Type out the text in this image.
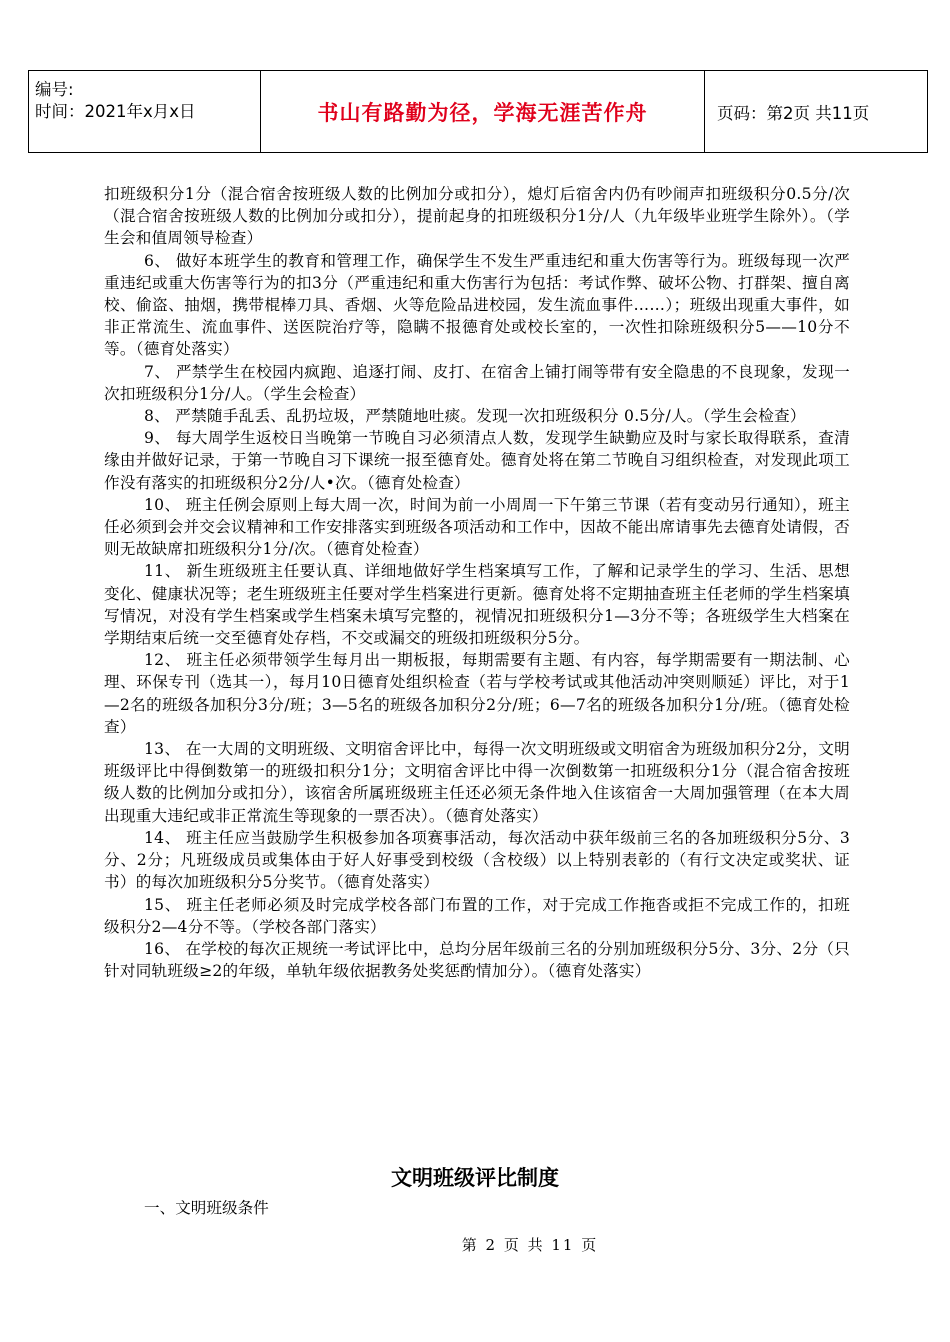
编号:
时间：2021年x月x日	书山有路勤为径，学海无涯苦作舟	页码：第2页 共11页

扣班级积分1分（混合宿舍按班级人数的比例加分或扣分），熄灯后宿舍内仍有吵闹声扣班级积分0.5分/次（混合宿舍按班级人数的比例加分或扣分），提前起身的扣班级积分1分/人（九年级毕业班学生除外）。（学生会和值周领导检查）

6、 做好本班学生的教育和管理工作，确保学生不发生严重违纪和重大伤害等行为。班级每现一次严重违纪或重大伤害等行为的扣3分（严重违纪和重大伤害行为包括：考试作弊、破坏公物、打群架、擅自离校、偷盗、抽烟，携带棍棒刀具、香烟、火等危险品进校园，发生流血事件……）；班级出现重大事件，如非正常流生、流血事件、送医院治疗等，隐瞒不报德育处或校长室的，一次性扣除班级积分5——10分不等。（德育处落实）

7、 严禁学生在校园内疯跑、追逐打闹、皮打、在宿舍上铺打闹等带有安全隐患的不良现象，发现一次扣班级积分1分/人。（学生会检查）

8、 严禁随手乱丢、乱扔垃圾，严禁随地吐痰。发现一次扣班级积分 0.5分/人。（学生会检查）

9、 每大周学生返校日当晚第一节晚自习必须清点人数，发现学生缺勤应及时与家长取得联系，查清缘由并做好记录，于第一节晚自习下课统一报至德育处。德育处将在第二节晚自习组织检查，对发现此项工作没有落实的扣班级积分2分/人•次。（德育处检查）

10、 班主任例会原则上每大周一次，时间为前一小周周一下午第三节课（若有变动另行通知），班主任必须到会并交会议精神和工作安排落实到班级各项活动和工作中，因故不能出席请事先去德育处请假，否则无故缺席扣班级积分1分/次。（德育处检查）

11、 新生班级班主任要认真、详细地做好学生档案填写工作，了解和记录学生的学习、生活、思想变化、健康状况等；老生班级班主任要对学生档案进行更新。德育处将不定期抽查班主任老师的学生档案填写情况，对没有学生档案或学生档案未填写完整的，视情况扣班级积分1—3分不等；各班级学生大档案在学期结束后统一交至德育处存档，不交或漏交的班级扣班级积分5分。

12、 班主任必须带领学生每月出一期板报，每期需要有主题、有内容，每学期需要有一期法制、心理、环保专刊（选其一），每月10日德育处组织检查（若与学校考试或其他活动冲突则顺延）评比，对于1—2名的班级各加积分3分/班；3—5名的班级各加积分2分/班；6—7名的班级各加积分1分/班。（德育处检查）

13、 在一大周的文明班级、文明宿舍评比中，每得一次文明班级或文明宿舍为班级加积分2分，文明班级评比中得倒数第一的班级扣积分1分；文明宿舍评比中得一次倒数第一扣班级积分1分（混合宿舍按班级人数的比例加分或扣分），该宿舍所属班级班主任还必须无条件地入住该宿舍一大周加强管理（在本大周出现重大违纪或非正常流生等现象的一票否决）。（德育处落实）

14、 班主任应当鼓励学生积极参加各项赛事活动，每次活动中获年级前三名的各加班级积分5分、3分、2分；凡班级成员或集体由于好人好事受到校级（含校级）以上特别表彰的（有行文决定或奖状、证书）的每次加班级积分5分奖节。（德育处落实）

15、 班主任老师必须及时完成学校各部门布置的工作，对于完成工作拖沓或拒不完成工作的，扣班级积分2—4分不等。（学校各部门落实）

16、 在学校的每次正规统一考试评比中，总均分居年级前三名的分别加班级积分5分、3分、2分（只针对同轨班级≥2的年级，单轨年级依据教务处奖惩酌情加分）。（德育处落实）

文明班级评比制度
一、文明班级条件
第 2 页 共 11 页
